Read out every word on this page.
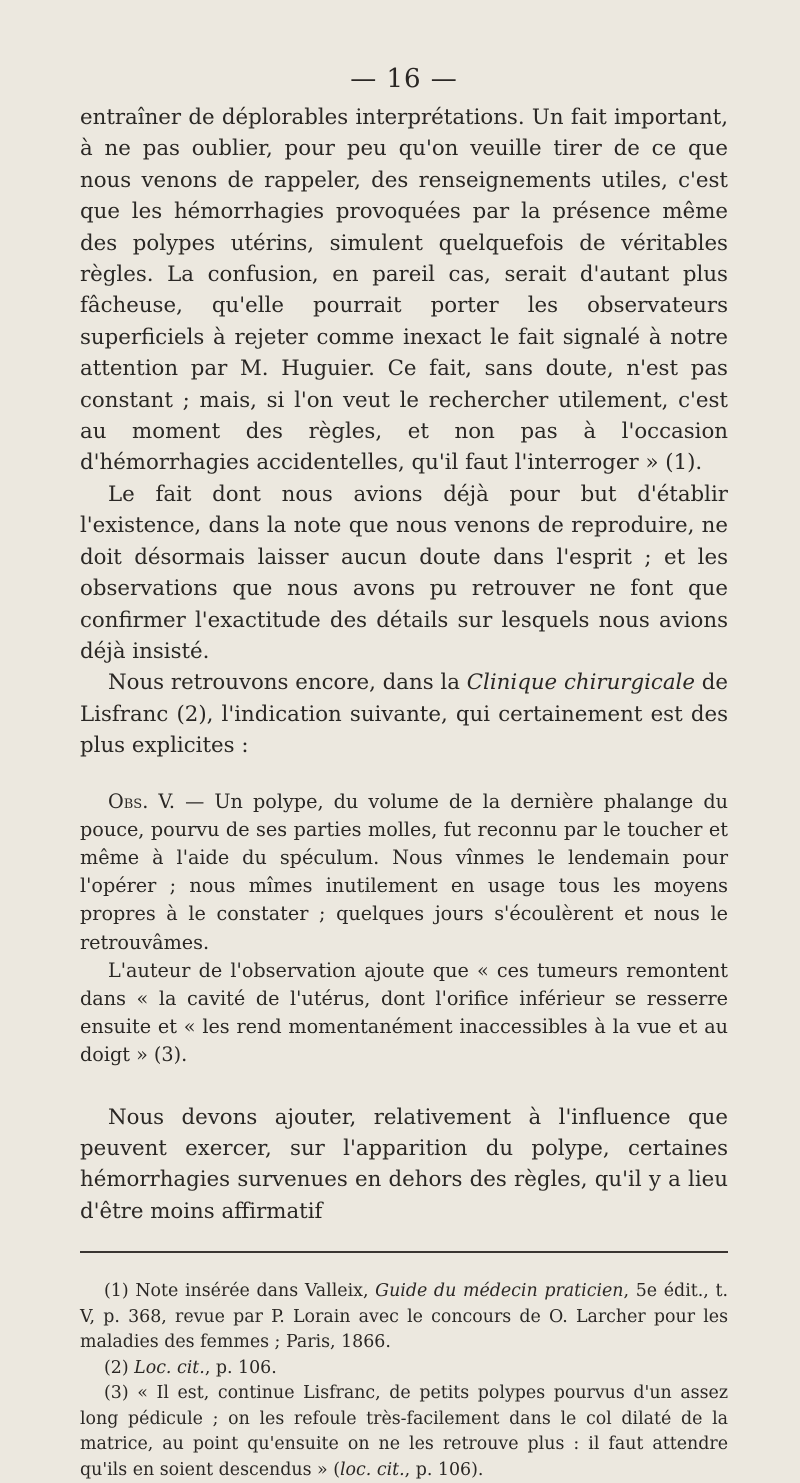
— 16 —

entraîner de déplorables interprétations. Un fait important, à ne pas oublier, pour peu qu'on veuille tirer de ce que nous venons de rappeler, des renseignements utiles, c'est que les hémorrhagies provoquées par la présence même des polypes utérins, simulent quelquefois de véritables règles. La confusion, en pareil cas, serait d'autant plus fâcheuse, qu'elle pourrait porter les observateurs superficiels à rejeter comme inexact le fait signalé à notre attention par M. Huguier. Ce fait, sans doute, n'est pas constant ; mais, si l'on veut le rechercher utilement, c'est au moment des règles, et non pas à l'occasion d'hémorrhagies accidentelles, qu'il faut l'interroger » (1).

Le fait dont nous avions déjà pour but d'établir l'existence, dans la note que nous venons de reproduire, ne doit désormais laisser aucun doute dans l'esprit ; et les observations que nous avons pu retrouver ne font que confirmer l'exactitude des détails sur lesquels nous avions déjà insisté.

Nous retrouvons encore, dans la Clinique chirurgicale de Lisfranc (2), l'indication suivante, qui certainement est des plus explicites :

Obs. V. — Un polype, du volume de la dernière phalange du pouce, pourvu de ses parties molles, fut reconnu par le toucher et même à l'aide du spéculum. Nous vînmes le lendemain pour l'opérer ; nous mîmes inutilement en usage tous les moyens propres à le constater ; quelques jours s'écoulèrent et nous le retrouvâmes.

L'auteur de l'observation ajoute que « ces tumeurs remontent dans « la cavité de l'utérus, dont l'orifice inférieur se resserre ensuite et « les rend momentanément inaccessibles à la vue et au doigt » (3).

Nous devons ajouter, relativement à l'influence que peuvent exercer, sur l'apparition du polype, certaines hémorrhagies survenues en dehors des règles, qu'il y a lieu d'être moins affirmatif

(1) Note insérée dans Valleix, Guide du médecin praticien, 5e édit., t. V, p. 368, revue par P. Lorain avec le concours de O. Larcher pour les maladies des femmes ; Paris, 1866.

(2) Loc. cit., p. 106.

(3) « Il est, continue Lisfranc, de petits polypes pourvus d'un assez long pédicule ; on les refoule très-facilement dans le col dilaté de la matrice, au point qu'ensuite on ne les retrouve plus : il faut attendre qu'ils en soient descendus » (loc. cit., p. 106).
